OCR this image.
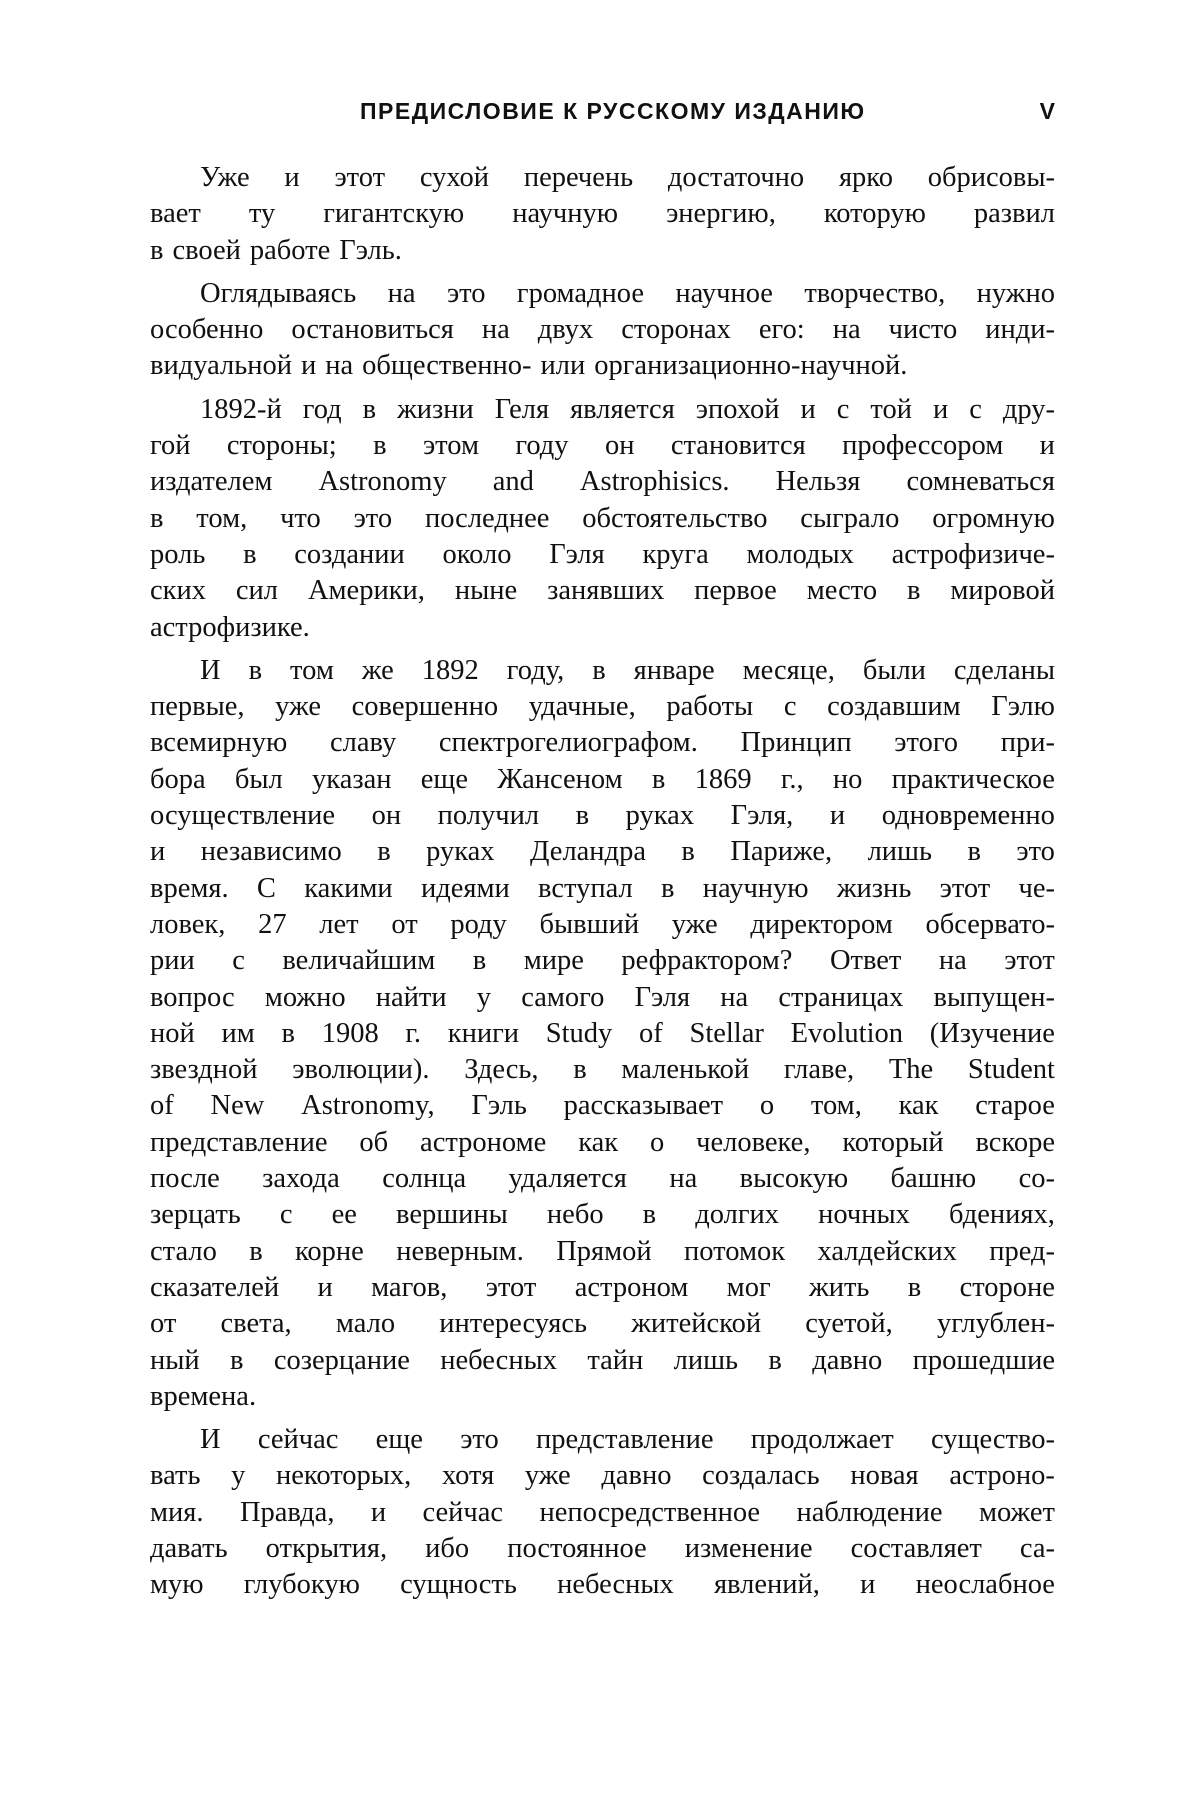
ПРЕДИСЛОВИЕ К РУССКОМУ ИЗДАНИЮ	V
Уже и этот сухой перечень достаточно ярко обрисовы-
вает ту гигантскую научную энергию, которую развил
в своей работе Гэль.
Оглядываясь на это громадное научное творчество, нужно
особенно остановиться на двух сторонах его: на чисто инди-
видуальной и на общественно- или организационно-научной.
1892-й год в жизни Геля является эпохой и с той и с дру-
гой стороны; в этом году он становится профессором и
издателем Astronomy and Astrophisics. Нельзя сомневаться
в том, что это последнее обстоятельство сыграло огромную
роль в создании около Гэля круга молодых астрофизиче-
ских сил Америки, ныне занявших первое место в мировой
астрофизике.
И в том же 1892 году, в январе месяце, были сделаны
первые, уже совершенно удачные, работы с создавшим Гэлю
всемирную славу спектрогелиографом. Принцип этого при-
бора был указан еще Жансеном в 1869 г., но практическое
осуществление он получил в руках Гэля, и одновременно
и независимо в руках Деландра в Париже, лишь в это
время. С какими идеями вступал в научную жизнь этот че-
ловек, 27 лет от роду бывший уже директором обсервато-
рии с величайшим в мире рефрактором? Ответ на этот
вопрос можно найти у самого Гэля на страницах выпущен-
ной им в 1908 г. книги Study of Stellar Evolution (Изучение
звездной эволюции). Здесь, в маленькой главе, The Student
of New Astronomy, Гэль рассказывает о том, как старое
представление об астрономе как о человеке, который вскоре
после захода солнца удаляется на высокую башню со-
зерцать с ее вершины небо в долгих ночных бдениях,
стало в корне неверным. Прямой потомок халдейских пред-
сказателей и магов, этот астроном мог жить в стороне
от света, мало интересуясь житейской суетой, углублен-
ный в созерцание небесных тайн лишь в давно прошедшие
времена.
И сейчас еще это представление продолжает существо-
вать у некоторых, хотя уже давно создалась новая астроно-
мия. Правда, и сейчас непосредственное наблюдение может
давать открытия, ибо постоянное изменение составляет са-
мую глубокую сущность небесных явлений, и неослабное
